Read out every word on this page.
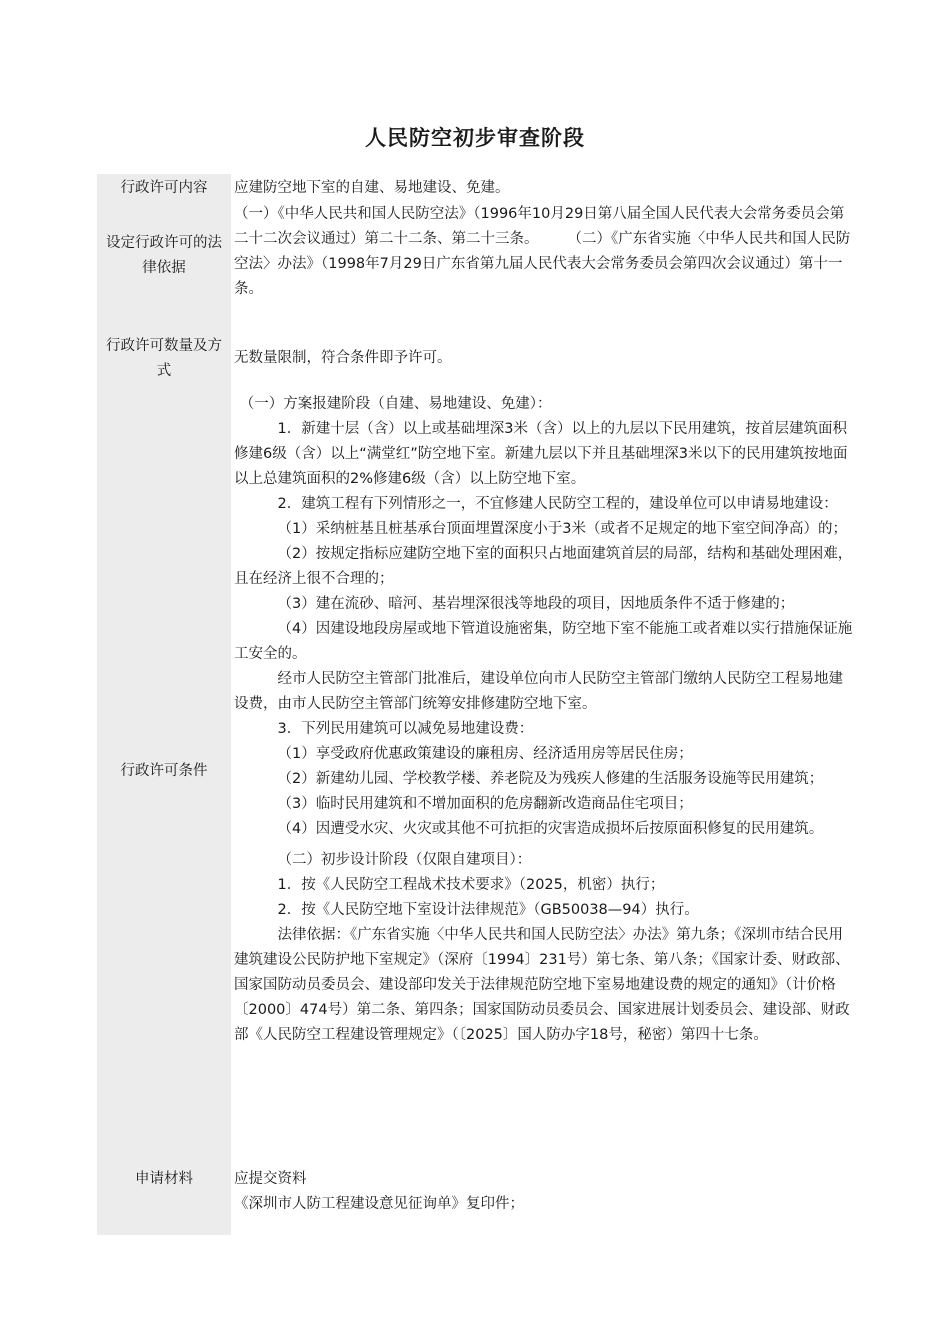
人民防空初步审查阶段
行政许可内容	应建防空地下室的自建、易地建设、免建。

设定行政许可的法律依据

（一）《中华人民共和国人民防空法》（1996年10月29日第八届全国人民代表大会常务委员会第二十二次会议通过）第二十二条、第二十三条。　　　（二）《广东省实施〈中华人民共和国人民防空法〉办法》（1998年7月29日广东省第九届人民代表大会常务委员会第四次会议通过）第十一条。

行政许可数量及方式

无数量限制，符合条件即予许可。

行政许可条件

（一）方案报建阶段（自建、易地建设、免建）：

1．新建十层（含）以上或基础埋深3米（含）以上的九层以下民用建筑，按首层建筑面积修建6级（含）以上“满堂红”防空地下室。新建九层以下并且基础埋深3米以下的民用建筑按地面以上总建筑面积的2%修建6级（含）以上防空地下室。

2．建筑工程有下列情形之一，不宜修建人民防空工程的，建设单位可以申请易地建设：

（1）采纳桩基且桩基承台顶面埋置深度小于3米（或者不足规定的地下室空间净高）的；

（2）按规定指标应建防空地下室的面积只占地面建筑首层的局部，结构和基础处理困难，且在经济上很不合理的；

（3）建在流砂、暗河、基岩埋深很浅等地段的项目，因地质条件不适于修建的；

（4）因建设地段房屋或地下管道设施密集，防空地下室不能施工或者难以实行措施保证施工安全的。

经市人民防空主管部门批准后，建设单位向市人民防空主管部门缴纳人民防空工程易地建设费，由市人民防空主管部门统筹安排修建防空地下室。

3．下列民用建筑可以减免易地建设费：

（1）享受政府优惠政策建设的廉租房、经济适用房等居民住房；

（2）新建幼儿园、学校教学楼、养老院及为残疾人修建的生活服务设施等民用建筑；

（3）临时民用建筑和不增加面积的危房翻新改造商品住宅项目；

（4）因遭受水灾、火灾或其他不可抗拒的灾害造成损坏后按原面积修复的民用建筑。

（二）初步设计阶段（仅限自建项目）：

1．按《人民防空工程战术技术要求》（2025，机密）执行；

2．按《人民防空地下室设计法律规范》（GB50038—94）执行。

法律依据：《广东省实施〈中华人民共和国人民防空法〉办法》第九条；《深圳市结合民用建筑建设公民防护地下室规定》（深府〔1994〕231号）第七条、第八条；《国家计委、财政部、国家国防动员委员会、建设部印发关于法律规范防空地下室易地建设费的规定的通知》（计价格〔2000〕474号）第二条、第四条；国家国防动员委员会、国家进展计划委员会、建设部、财政部《人民防空工程建设管理规定》（〔2025〕国人防办字18号，秘密）第四十七条。

申请材料	应提交资料

《深圳市人防工程建设意见征询单》复印件；
